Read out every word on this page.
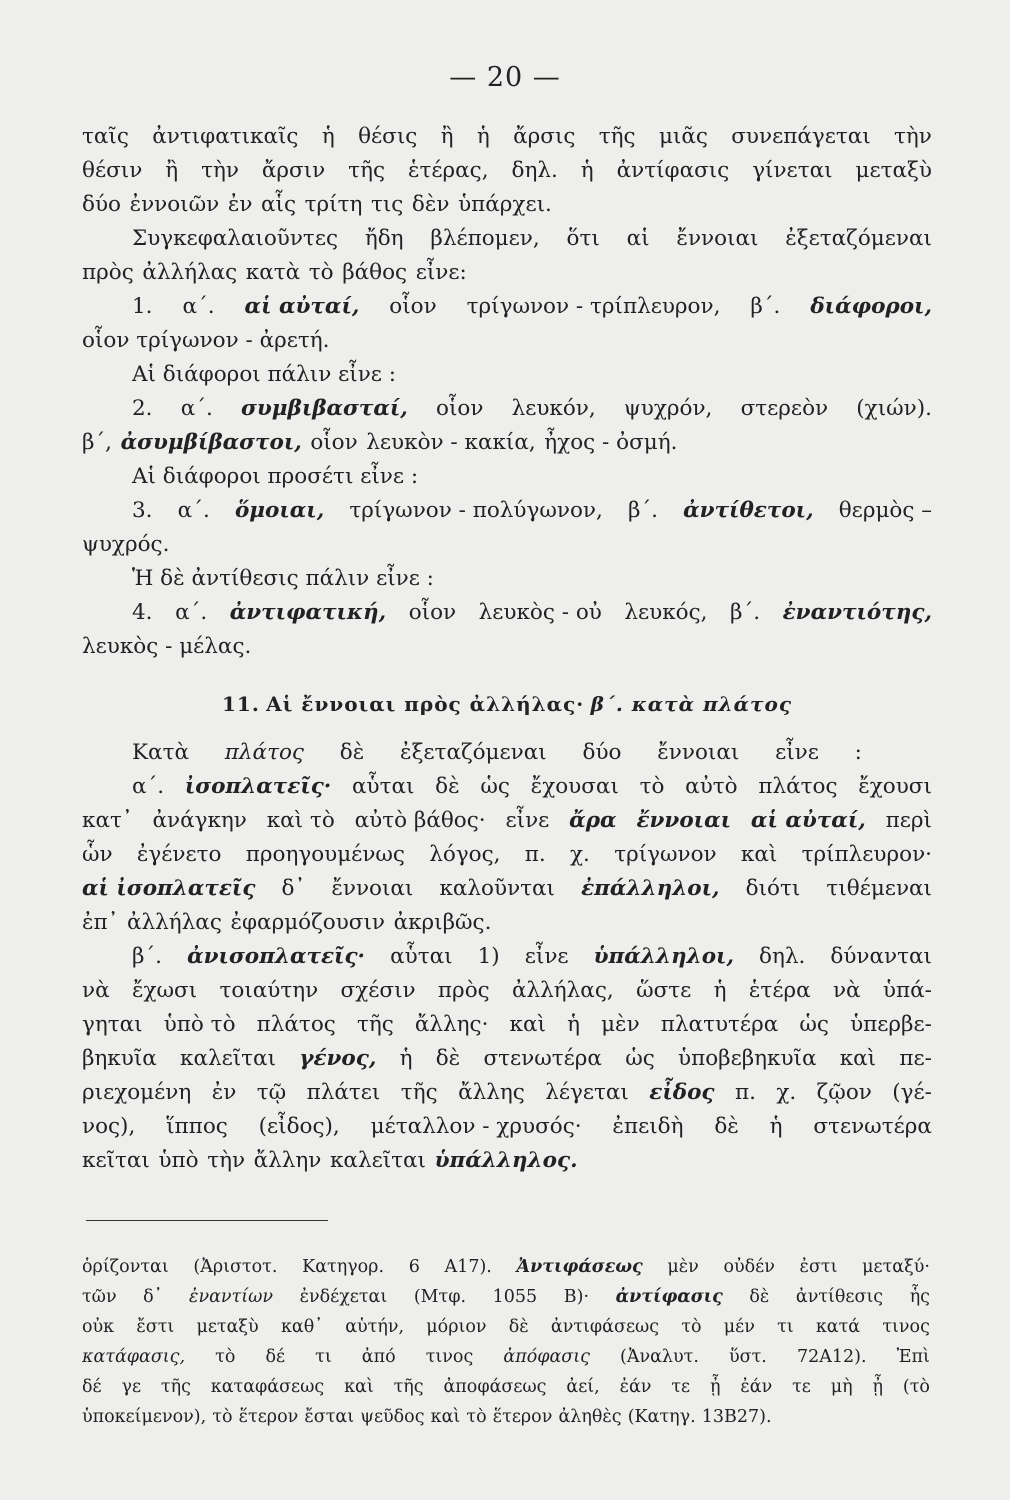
— 20 —
ταῖς ἀντιφατικαῖς ἡ θέσις ἢ ἡ ἄρσις τῆς μιᾶς συνεπάγεται τὴν
θέσιν ἢ τὴν ἄρσιν τῆς ἑτέρας, δηλ. ἡ ἀντίφασις γίνεται μεταξὺ
δύο ἐννοιῶν ἐν αἷς τρίτη τις δὲν ὑπάρχει.
Συγκεφαλαιοῦντες ἤδη βλέπομεν, ὅτι αἱ ἔννοιαι ἐξεταζόμεναι
πρὸς ἀλλήλας κατὰ τὸ βάθος εἶνε:
1. α΄. αἱ αὐταί, οἷον τρίγωνον - τρίπλευρον, β΄. διάφοροι,
οἷον τρίγωνον - ἀρετή.
Αἱ διάφοροι πάλιν εἶνε :
2. α΄. συμβιβασταί, οἷον λευκόν, ψυχρόν, στερεὸν (χιών).
β΄, ἀσυμβίβαστοι, οἷον λευκὸν - κακία, ἦχος - ὀσμή.
Αἱ διάφοροι προσέτι εἶνε :
3. α΄. ὅμοιαι, τρίγωνον - πολύγωνον, β΄. ἀντίθετοι, θερμὸς –
ψυχρός.
Ἡ δὲ ἀντίθεσις πάλιν εἶνε :
4. α΄. ἀντιφατική, οἷον λευκὸς - οὐ λευκός, β΄. ἐναντιότης,
λευκὸς - μέλας.
11. Αἱ ἔννοιαι πρὸς ἀλλήλας· β΄. κατὰ πλάτος
Κατὰ πλάτος δὲ ἐξεταζόμεναι δύο ἔννοιαι εἶνε :
α΄. ἰσοπλατεῖς· αὗται δὲ ὡς ἔχουσαι τὸ αὐτὸ πλάτος ἔχουσι
κατ᾽ ἀνάγκην καὶ τὸ αὐτὸ βάθος· εἶνε ἄρα ἔννοιαι αἱ αὐταί, περὶ
ὧν ἐγένετο προηγουμένως λόγος, π. χ. τρίγωνον καὶ τρίπλευρον·
αἱ ἰσοπλατεῖς δ᾽ ἔννοιαι καλοῦνται ἐπάλληλοι, διότι τιθέμεναι
ἐπ᾽ ἀλλήλας ἐφαρμόζουσιν ἀκριβῶς.
β΄. ἀνισοπλατεῖς· αὗται 1) εἶνε ὑπάλληλοι, δηλ. δύνανται
νὰ ἔχωσι τοιαύτην σχέσιν πρὸς ἀλλήλας, ὥστε ἡ ἑτέρα νὰ ὑπά-
γηται ὑπὸ τὸ πλάτος τῆς ἄλλης· καὶ ἡ μὲν πλατυτέρα ὡς ὑπερβε-
βηκυῖα καλεῖται γένος, ἡ δὲ στενωτέρα ὡς ὑποβεβηκυῖα καὶ πε-
ριεχομένη ἐν τῷ πλάτει τῆς ἄλλης λέγεται εἶδος π. χ. ζῷον (γέ-
νος), ἵππος (εἶδος), μέταλλον - χρυσός· ἐπειδὴ δὲ ἡ στενωτέρα
κεῖται ὑπὸ τὴν ἄλλην καλεῖται ὑπάλληλος.
ὁρίζονται (Ἀριστοτ. Κατηγορ. 6 Α17). Ἀντιφάσεως μὲν οὐδέν ἐστι μεταξύ·
τῶν δ᾽ ἐναντίων ἐνδέχεται (Μτφ. 1055 Β)· ἀντίφασις δὲ ἀντίθεσις ἧς
οὐκ ἔστι μεταξὺ καθ᾽ αὑτήν, μόριον δὲ ἀντιφάσεως τὸ μέν τι κατά τινος
κατάφασις, τὸ δέ τι ἀπό τινος ἀπόφασις (Ἀναλυτ. ὕστ. 72Α12). Ἐπὶ
δέ γε τῆς καταφάσεως καὶ τῆς ἀποφάσεως ἀεί, ἐάν τε ᾖ ἐάν τε μὴ ᾖ (τὸ
ὑποκείμενον), τὸ ἕτερον ἔσται ψεῦδος καὶ τὸ ἕτερον ἀληθὲς (Κατηγ. 13Β27).
